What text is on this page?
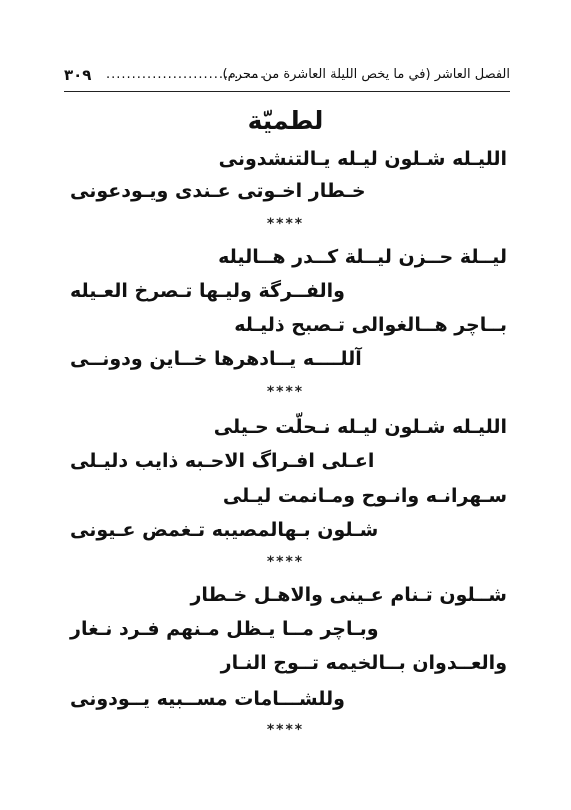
٣٠٩ ...............................
الفصل العاشر (في ما يخص الليلة العاشرة من محرم)
لطميّة
الليـله شـلون ليـله يـالتنشدونى
خـطار اخـوتى عـندى ويـودعونى
****
ليــلة حــزن ليــلة كــدر هــاليله
والفــرگة وليـها تـصرخ العـيله
بــاچر هــالغوالى تـصبح ذليـله
آللــــه يــادهرها خــاين ودونــى
****
الليـله شـلون ليـله نـحلّت حـيلى
اعـلى افـراگ الاحـبه ذايب دليـلى
سـهرانـه وانـوح ومـانمت ليـلى
شـلون بـهالمصيبه تـغمض عـيونى
****
شــلون تـنام عـينى والاهـل خـطار
وبـاچر مــا يـظل مـنهم فـرد نـغار
والعــدوان بــالخيمه تــوج النـار
وللشـــامات مســبيه يــودونى
****
